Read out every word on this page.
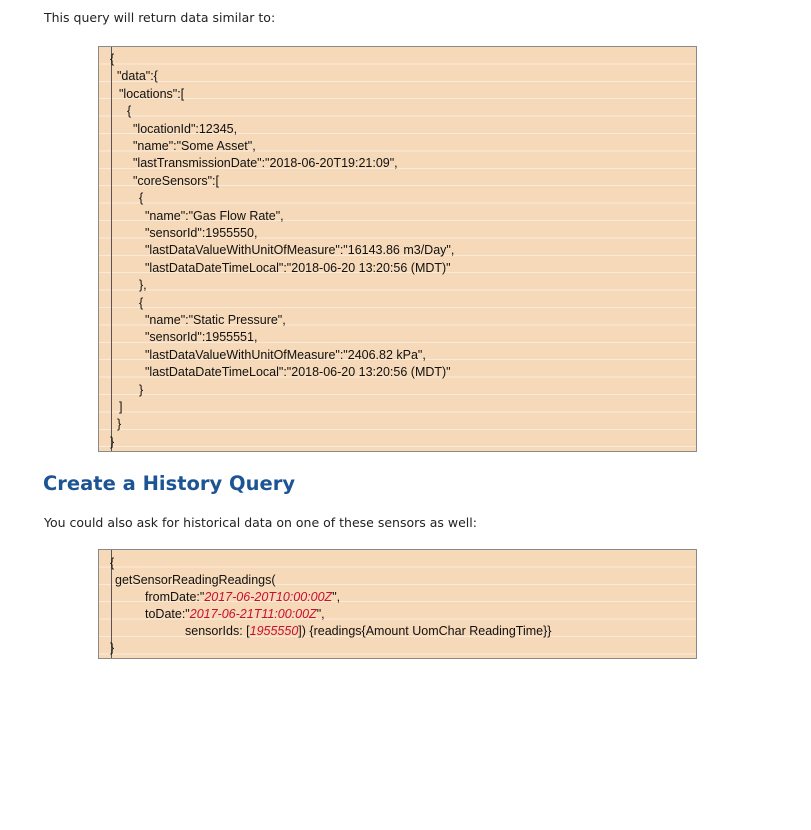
This query will return data similar to:
{
"data":{
"locations":[
{
"locationId":12345,
"name":"Some Asset",
"lastTransmissionDate":"2018-06-20T19:21:09",
"coreSensors":[
{
"name":"Gas Flow Rate",
"sensorId":1955550,
"lastDataValueWithUnitOfMeasure":"16143.86 m3/Day",
"lastDataDateTimeLocal":"2018-06-20 13:20:56 (MDT)"
},
{
"name":"Static Pressure",
"sensorId":1955551,
"lastDataValueWithUnitOfMeasure":"2406.82 kPa",
"lastDataDateTimeLocal":"2018-06-20 13:20:56 (MDT)"
}
]
}
}
Create a History Query
You could also ask for historical data on one of these sensors as well:
{
getSensorReadingReadings(
fromDate:"2017-06-20T10:00:00Z",
toDate:"2017-06-21T11:00:00Z",
sensorIds: [1955550]) {readings{Amount UomChar ReadingTime}}
}
